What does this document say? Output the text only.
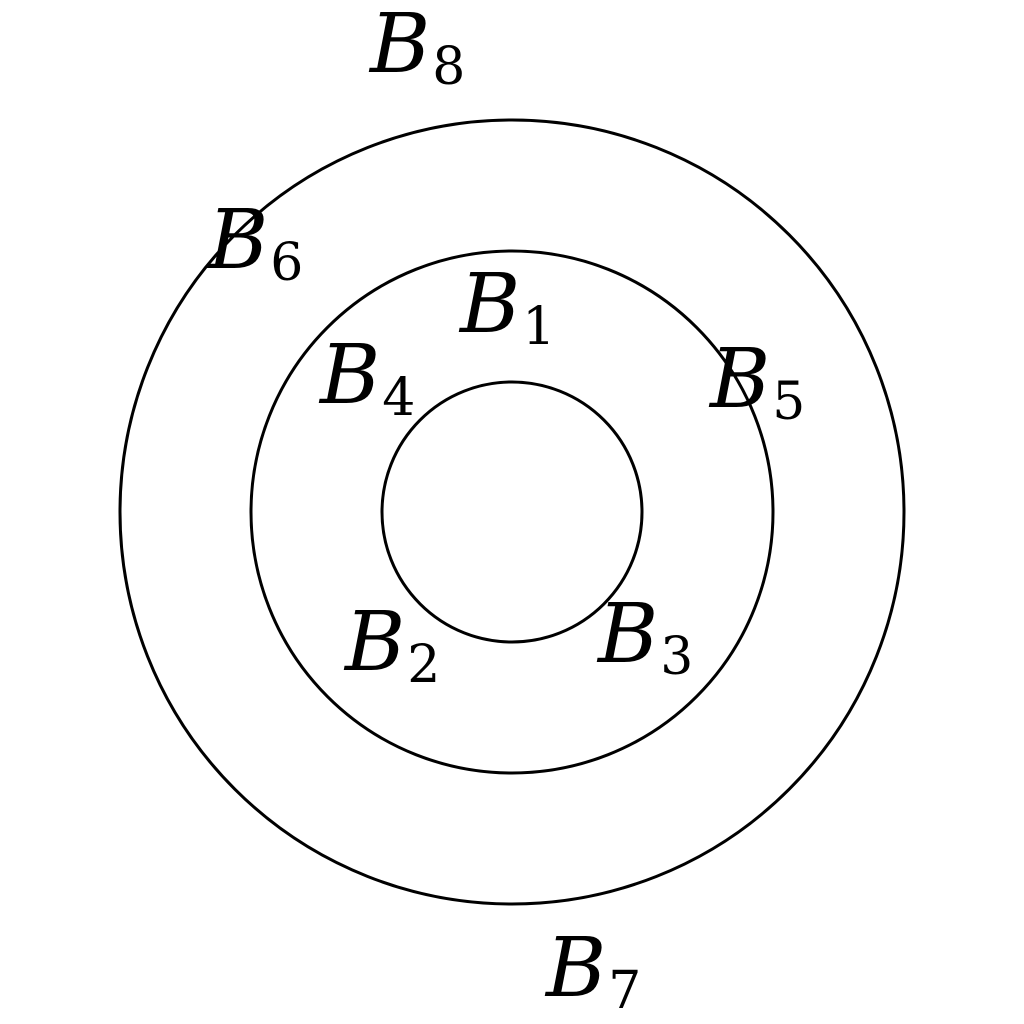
B8
B6 B1
B4	B5
B2 B3
B7
